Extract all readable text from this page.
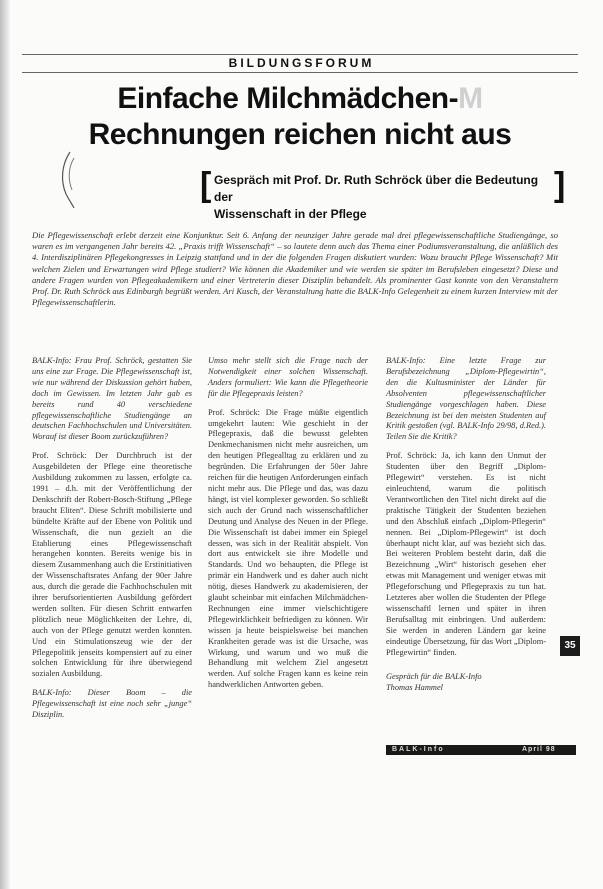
BILDUNGSFORUM
Einfache Milchmädchen-M
Rechnungen reichen nicht aus
[ Gespräch mit Prof. Dr. Ruth Schröck über die Bedeutung der
Wissenschaft in der Pflege
]
Die Pflegewissenschaft erlebt derzeit eine Konjunktur. Seit 6. Anfang der neunziger Jahre gerade mal drei pflegewissenschaftliche Studiengänge, so waren es im vergangenen Jahr bereits 42. „Praxis trifft Wissenschaft“ – so lautete denn auch das Thema einer Podiumsveranstaltung, die anläßlich des 4. Interdisziplinären Pflegekongresses in Leipzig stattfand und in der die folgenden Fragen diskutiert wurden: Wozu braucht Pflege Wissenschaft? Mit welchen Zielen und Erwartungen wird Pflege studiert? Wie können die Akademiker und wie werden sie später im Berufsleben eingesetzt? Diese und andere Fragen wurden von Pflegeakademikern und einer Vertreterin dieser Disziplin behandelt. Als prominenter Gast konnte von den Veranstaltern Prof. Dr. Ruth Schröck aus Edinburgh begrüßt werden. Ari Kusch, der Veranstaltung hatte die BALK-Info Gelegenheit zu einem kurzen Interview mit der Pflegewissenschaftlerin.

BALK-Info: Frau Prof. Schröck, gestatten Sie uns eine zur Frage. Die Pflegewissenschaft ist, wie nur während der Diskussion gehört haben, doch im Gewissen. Im letzten Jahr gab es bereits rund 40 verschiedene pflegewissenschaftliche Studiengänge an deutschen Fachhochschulen und Universitäten. Worauf ist dieser Boom zurückzuführen?

Prof. Schröck: Der Durchbruch ist der Ausgebildeten der Pflege eine theoretische Ausbildung zukommen zu lassen, erfolgte ca. 1991 – d.h. mit der Veröffentlichung der Denkschrift der Robert-Bosch-Stiftung „Pflege braucht Eliten“. Diese Schrift mobilisierte und bündelte Kräfte auf der Ebene von Politik und Wissenschaft, die nun gezielt an die Etablierung eines Pflegewissenschaft herangehen konnten. Bereits wenige bis in diesem Zusammenhang auch die Erstinitiativen der Wissenschaftsrates Anfang der 90er Jahre aus, durch die gerade die Fachhochschulen mit ihrer berufsorientierten Ausbildung gefördert werden sollten. Für diesen Schritt entwarfen plötzlich neue Möglichkeiten der Lehre, di, auch von der Pflege genutzt werden konnten. Und ein Stimulationszeug wie der der Pflegepolitik jenseits kompensiert auf zu einer solchen Entwicklung für ihre überwiegend sozialen Ausbildung.

BALK-Info: Dieser Boom – die Pflegewissenschaft ist eine noch sehr „junge“ Disziplin.

Umso mehr stellt sich die Frage nach der Notwendigkeit einer solchen Wissenschaft. Anders formuliert: Wie kann die Pflegetheorie für die Pflegepraxis leisten?

Prof. Schröck: Die Frage müßte eigentlich umgekehrt lauten: Wie geschieht in der Pflegepraxis, daß die bewusst gelebten Denkmechanismen nicht mehr ausreichen, um den heutigen Pflegealltag zu erklären und zu begründen. Die Erfahrungen der 50er Jahre reichen für die heutigen Anforderungen einfach nicht mehr aus. Die Pflege und das, was dazu hängt, ist viel komplexer geworden. So schließt sich auch der Grund nach wissenschaftlicher Deutung und Analyse des Neuen in der Pflege. Die Wissenschaft ist dabei immer ein Spiegel dessen, was sich in der Realität abspielt. Von dort aus entwickelt sie ihre Modelle und Standards. Und wo behaupten, die Pflege ist primär ein Handwerk und es daher auch nicht nötig, dieses Handwerk zu akademisieren, der glaubt scheinbar mit einfachen Milchmädchen-Rechnungen eine immer vielschichtigere Pflegewirklichkeit befriedigen zu können. Wir wissen ja heute beispielsweise bei manchen Krankheiten gerade was ist die Ursache, was Wirkung, und warum und wo muß die Behandlung mit welchem Ziel angesetzt werden. Auf solche Fragen kann es keine rein handwerklichen Antworten geben.

BALK-Info: Eine letzte Frage zur Berufsbezeichnung „Diplom-Pflegewirtin“, den die Kultusminister der Länder für Absolventen pflegewissenschaftlicher Studiengänge vorgeschlagen haben. Diese Bezeichnung ist bei den meisten Studenten auf Kritik gestoßen (vgl. BALK-Info 29/98, d.Red.). Teilen Sie die Kritik?

Prof. Schröck: Ja, ich kann den Unmut der Studenten über den Begriff „Diplom-Pflegewirt“ verstehen. Es ist nicht einleuchtend, warum die politisch Verantwortlichen den Titel nicht direkt auf die praktische Tätigkeit der Studenten beziehen und den Abschluß einfach „Diplom-Pflegerin“ nennen. Bei „Diplom-Pflegewirt“ ist doch überhaupt nicht klar, auf was bezieht sich das. Bei weiteren Problem besteht darin, daß die Bezeichnung „Wirt“ historisch gesehen eher etwas mit Management und weniger etwas mit Pflegeforschung und Pflegepraxis zu tun hat. Letzteres aber wollen die Studenten der Pflege wissenschaftl lernen und später in ihren Berufsalltag mit einbringen. Und außerdem: Sie werden in anderen Ländern gar keine eindeutige Übersetzung, für das Wort „Diplom-Pflegewirtin“ finden.

Gespräch für die BALK-Info
Thomas Hammel
35
BALK-Info	April 98
